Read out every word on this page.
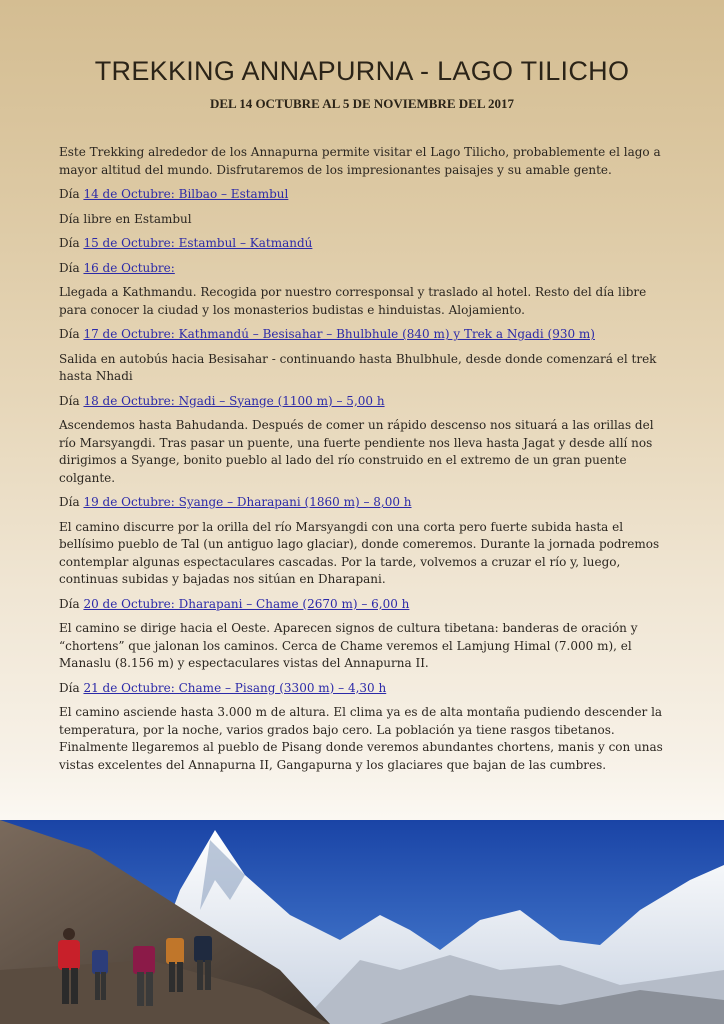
TREKKING ANNAPURNA - LAGO TILICHO
DEL 14 OCTUBRE AL 5 DE NOVIEMBRE DEL 2017

Este Trekking alrededor de los Annapurna permite visitar el Lago Tilicho, probablemente el lago a mayor altitud del mundo. Disfrutaremos de los impresionantes paisajes y su amable gente.

Día 14 de Octubre: Bilbao – Estambul

Día libre en Estambul

Día 15 de Octubre: Estambul – Katmandú

Día 16 de Octubre:

Llegada a Kathmandu. Recogida por nuestro corresponsal y traslado al hotel. Resto del día libre para conocer la ciudad y los monasterios budistas e hinduistas. Alojamiento.

Día 17 de Octubre: Kathmandú – Besisahar – Bhulbhule (840 m) y Trek a Ngadi (930 m)

Salida en autobús hacia Besisahar - continuando hasta Bhulbhule, desde donde comenzará el trek hasta Nhadi

Día 18 de Octubre: Ngadi – Syange (1100 m) – 5,00 h

Ascendemos hasta Bahudanda. Después de comer un rápido descenso nos situará a las orillas del río Marsyangdi. Tras pasar un puente, una fuerte pendiente nos lleva hasta Jagat y desde allí nos dirigimos a Syange, bonito pueblo al lado del río construido en el extremo de un gran puente colgante.

Día 19 de Octubre: Syange – Dharapani (1860 m) – 8,00 h

El camino discurre por la orilla del río Marsyangdi con una corta pero fuerte subida hasta el bellísimo pueblo de Tal (un antiguo lago glaciar), donde comeremos. Durante la jornada podremos contemplar algunas espectaculares cascadas. Por la tarde, volvemos a cruzar el río y, luego, continuas subidas y bajadas nos sitúan en Dharapani.

Día 20 de Octubre: Dharapani – Chame (2670 m) – 6,00 h

El camino se dirige hacia el Oeste. Aparecen signos de cultura tibetana: banderas de oración y “chortens” que jalonan los caminos. Cerca de Chame veremos el Lamjung Himal (7.000 m), el Manaslu (8.156 m) y espectaculares vistas del Annapurna II.

Día 21 de Octubre: Chame – Pisang (3300 m) – 4,30 h

El camino asciende hasta 3.000 m de altura. El clima ya es de alta montaña pudiendo descender la temperatura, por la noche, varios grados bajo cero. La población ya tiene rasgos tibetanos. Finalmente llegaremos al pueblo de Pisang donde veremos abundantes chortens, manis y con unas vistas excelentes del Annapurna II, Gangapurna y los glaciares que bajan de las cumbres.
